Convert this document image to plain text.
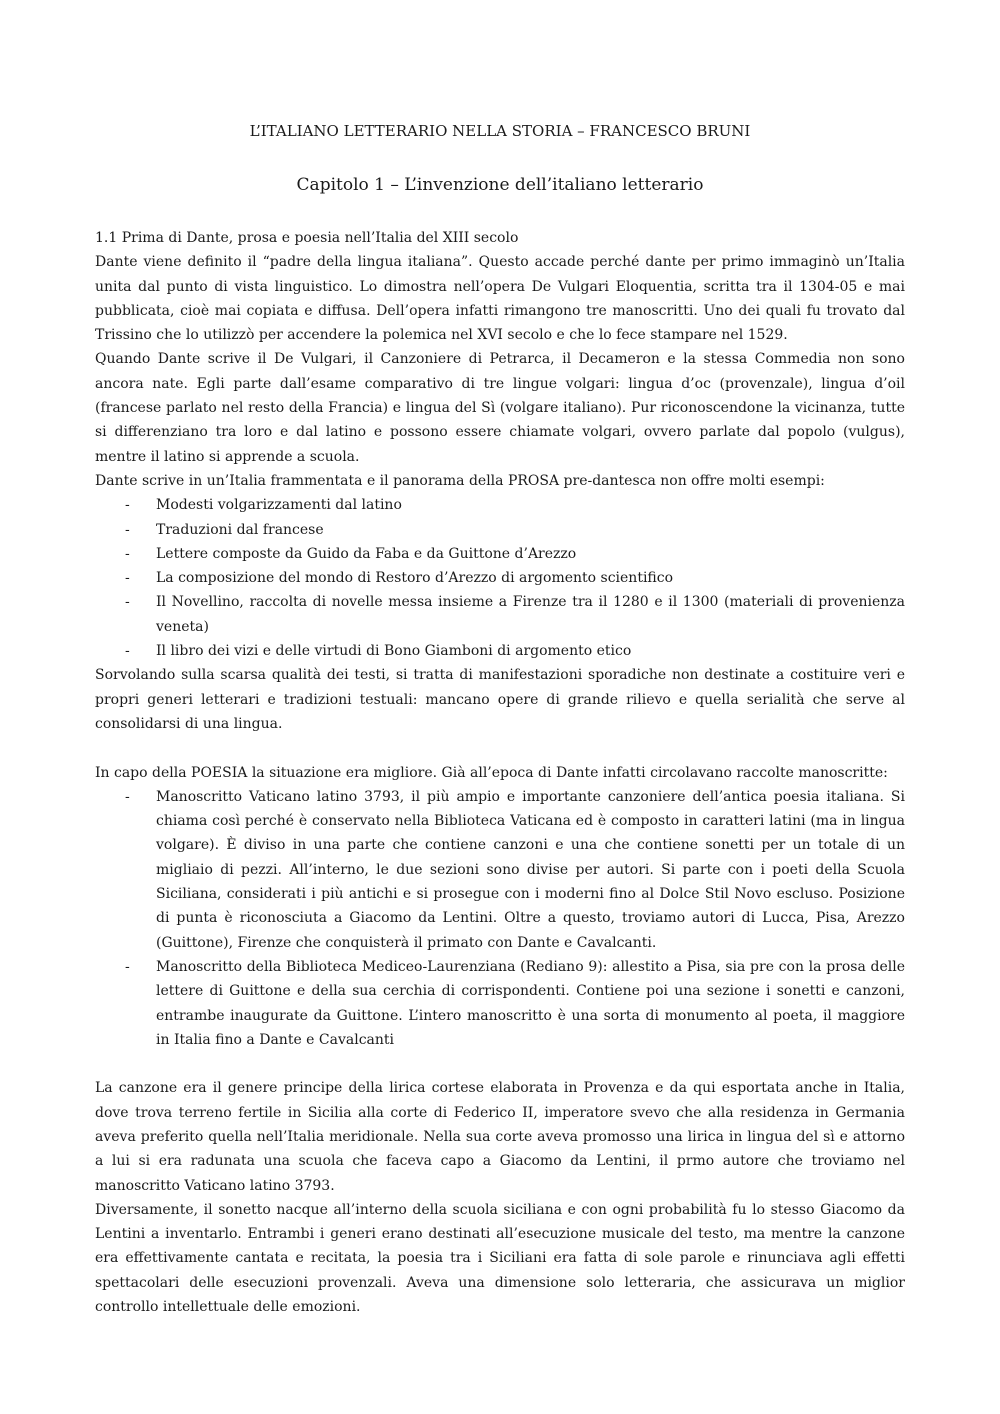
L’ITALIANO LETTERARIO NELLA STORIA – FRANCESCO BRUNI
Capitolo 1 – L’invenzione dell’italiano letterario
1.1 Prima di Dante, prosa e poesia nell’Italia del XIII secolo

Dante viene definito il “padre della lingua italiana”. Questo accade perché dante per primo immaginò un’Italia unita dal punto di vista linguistico. Lo dimostra nell’opera De Vulgari Eloquentia, scritta tra il 1304-05 e mai pubblicata, cioè mai copiata e diffusa. Dell’opera infatti rimangono tre manoscritti. Uno dei quali fu trovato dal Trissino che lo utilizzò per accendere la polemica nel XVI secolo e che lo fece stampare nel 1529.

Quando Dante scrive il De Vulgari, il Canzoniere di Petrarca, il Decameron e la stessa Commedia non sono ancora nate. Egli parte dall’esame comparativo di tre lingue volgari: lingua d’oc (provenzale), lingua d’oil (francese parlato nel resto della Francia) e lingua del Sì (volgare italiano). Pur riconoscendone la vicinanza, tutte si differenziano tra loro e dal latino e possono essere chiamate volgari, ovvero parlate dal popolo (vulgus), mentre il latino si apprende a scuola.

Dante scrive in un’Italia frammentata e il panorama della PROSA pre-dantesca non offre molti esempi:

- Modesti volgarizzamenti dal latino
- Traduzioni dal francese
- Lettere composte da Guido da Faba e da Guittone d’Arezzo
- La composizione del mondo di Restoro d’Arezzo di argomento scientifico
- Il Novellino, raccolta di novelle messa insieme a Firenze tra il 1280 e il 1300 (materiali di provenienza veneta)
- Il libro dei vizi e delle virtudi di Bono Giamboni di argomento etico

Sorvolando sulla scarsa qualità dei testi, si tratta di manifestazioni sporadiche non destinate a costituire veri e propri generi letterari e tradizioni testuali: mancano opere di grande rilievo e quella serialità che serve al consolidarsi di una lingua.

In capo della POESIA la situazione era migliore. Già all’epoca di Dante infatti circolavano raccolte manoscritte:

- Manoscritto Vaticano latino 3793, il più ampio e importante canzoniere dell’antica poesia italiana. Si chiama così perché è conservato nella Biblioteca Vaticana ed è composto in caratteri latini (ma in lingua volgare). È diviso in una parte che contiene canzoni e una che contiene sonetti per un totale di un migliaio di pezzi. All’interno, le due sezioni sono divise per autori. Si parte con i poeti della Scuola Siciliana, considerati i più antichi e si prosegue con i moderni fino al Dolce Stil Novo escluso. Posizione di punta è riconosciuta a Giacomo da Lentini. Oltre a questo, troviamo autori di Lucca, Pisa, Arezzo (Guittone), Firenze che conquisterà il primato con Dante e Cavalcanti.
- Manoscritto della Biblioteca Mediceo-Laurenziana (Rediano 9): allestito a Pisa, sia pre con la prosa delle lettere di Guittone e della sua cerchia di corrispondenti. Contiene poi una sezione i sonetti e canzoni, entrambe inaugurate da Guittone. L’intero manoscritto è una sorta di monumento al poeta, il maggiore in Italia fino a Dante e Cavalcanti

La canzone era il genere principe della lirica cortese elaborata in Provenza e da qui esportata anche in Italia, dove trova terreno fertile in Sicilia alla corte di Federico II, imperatore svevo che alla residenza in Germania aveva preferito quella nell’Italia meridionale. Nella sua corte aveva promosso una lirica in lingua del sì e attorno a lui si era radunata una scuola che faceva capo a Giacomo da Lentini, il prmo autore che troviamo nel manoscritto Vaticano latino 3793.

Diversamente, il sonetto nacque all’interno della scuola siciliana e con ogni probabilità fu lo stesso Giacomo da Lentini a inventarlo. Entrambi i generi erano destinati all’esecuzione musicale del testo, ma mentre la canzone era effettivamente cantata e recitata, la poesia tra i Siciliani era fatta di sole parole e rinunciava agli effetti spettacolari delle esecuzioni provenzali. Aveva una dimensione solo letteraria, che assicurava un miglior controllo intellettuale delle emozioni.
